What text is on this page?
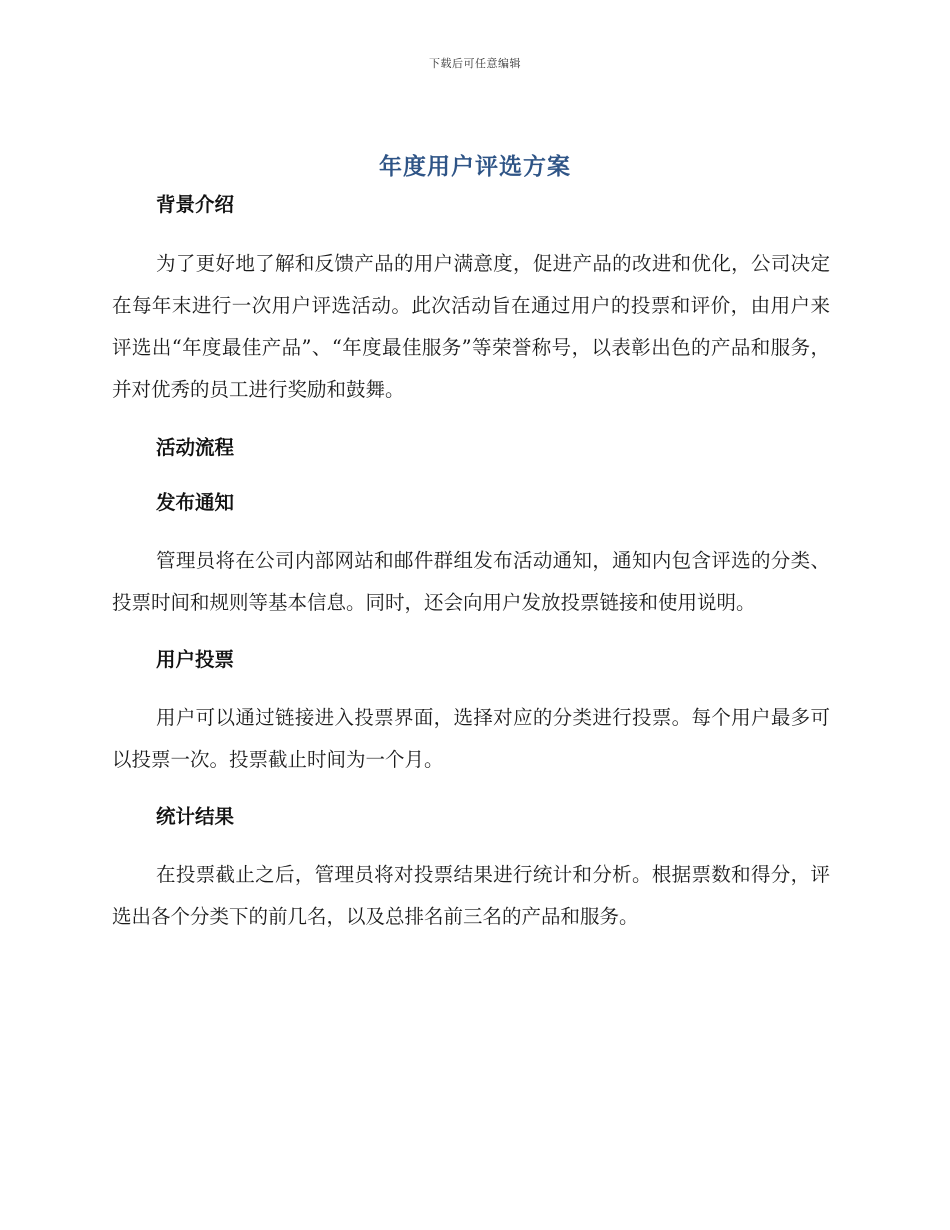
下载后可任意编辑
年度用户评选方案
背景介绍

为了更好地了解和反馈产品的用户满意度，促进产品的改进和优化，公司决定在每年末进行一次用户评选活动。此次活动旨在通过用户的投票和评价，由用户来评选出“年度最佳产品”、“年度最佳服务”等荣誉称号，以表彰出色的产品和服务，并对优秀的员工进行奖励和鼓舞。

活动流程
发布通知

管理员将在公司内部网站和邮件群组发布活动通知，通知内包含评选的分类、投票时间和规则等基本信息。同时，还会向用户发放投票链接和使用说明。

用户投票

用户可以通过链接进入投票界面，选择对应的分类进行投票。每个用户最多可以投票一次。投票截止时间为一个月。

统计结果

在投票截止之后，管理员将对投票结果进行统计和分析。根据票数和得分，评选出各个分类下的前几名，以及总排名前三名的产品和服务。
